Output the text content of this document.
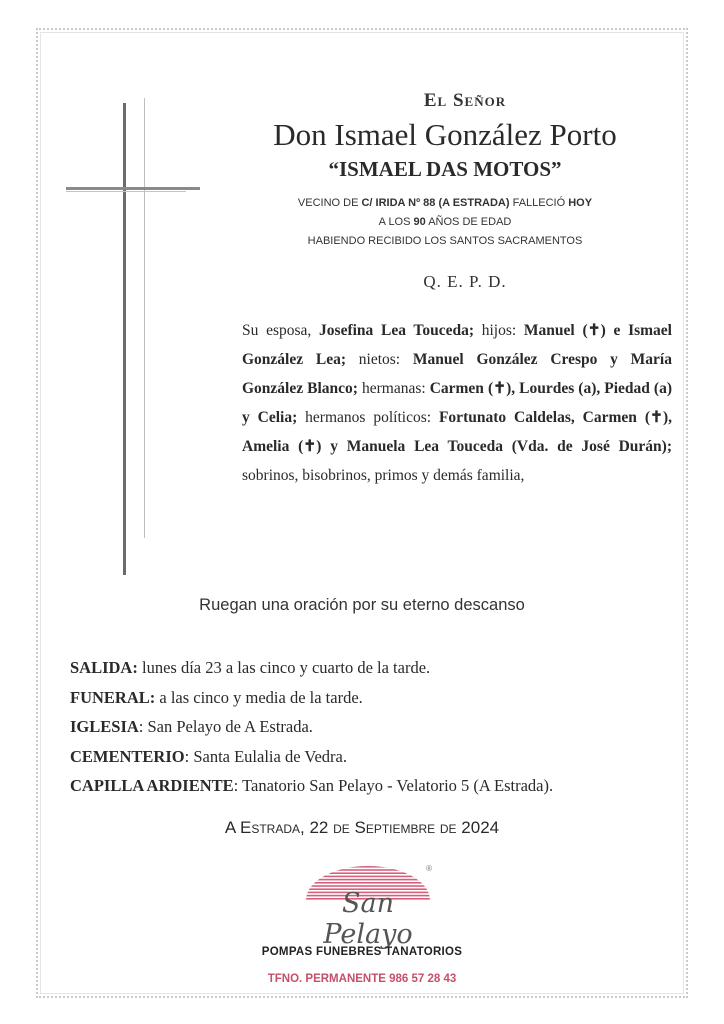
El Señor
Don Ismael González Porto
“ISMAEL DAS MOTOS”
VECINO DE C/ IRIDA Nº 88 (A ESTRADA) FALLECIÓ HOY
A LOS 90 AÑOS DE EDAD
HABIENDO RECIBIDO LOS SANTOS SACRAMENTOS
Q. E. P. D.
Su esposa, Josefina Lea Touceda; hijos: Manuel (✝) e Ismael González Lea; nietos: Manuel González Crespo y María González Blanco; hermanas: Carmen (✝), Lourdes (a), Piedad (a) y Celia; hermanos políticos: Fortunato Caldelas, Carmen (✝), Amelia (✝) y Manuela Lea Touceda (Vda. de José Durán); sobrinos, bisobrinos, primos y demás familia,
Ruegan una oración por su eterno descanso
SALIDA: lunes día 23 a las cinco y cuarto de la tarde.
FUNERAL: a las cinco y media de la tarde.
IGLESIA: San Pelayo de A Estrada.
CEMENTERIO: Santa Eulalia de Vedra.
CAPILLA ARDIENTE: Tanatorio San Pelayo - Velatorio 5 (A Estrada).
A Estrada, 22 de Septiembre de 2024
San Pelayo
®
POMPAS FUNEBRES TANATORIOS
TFNO. PERMANENTE 986 57 28 43
